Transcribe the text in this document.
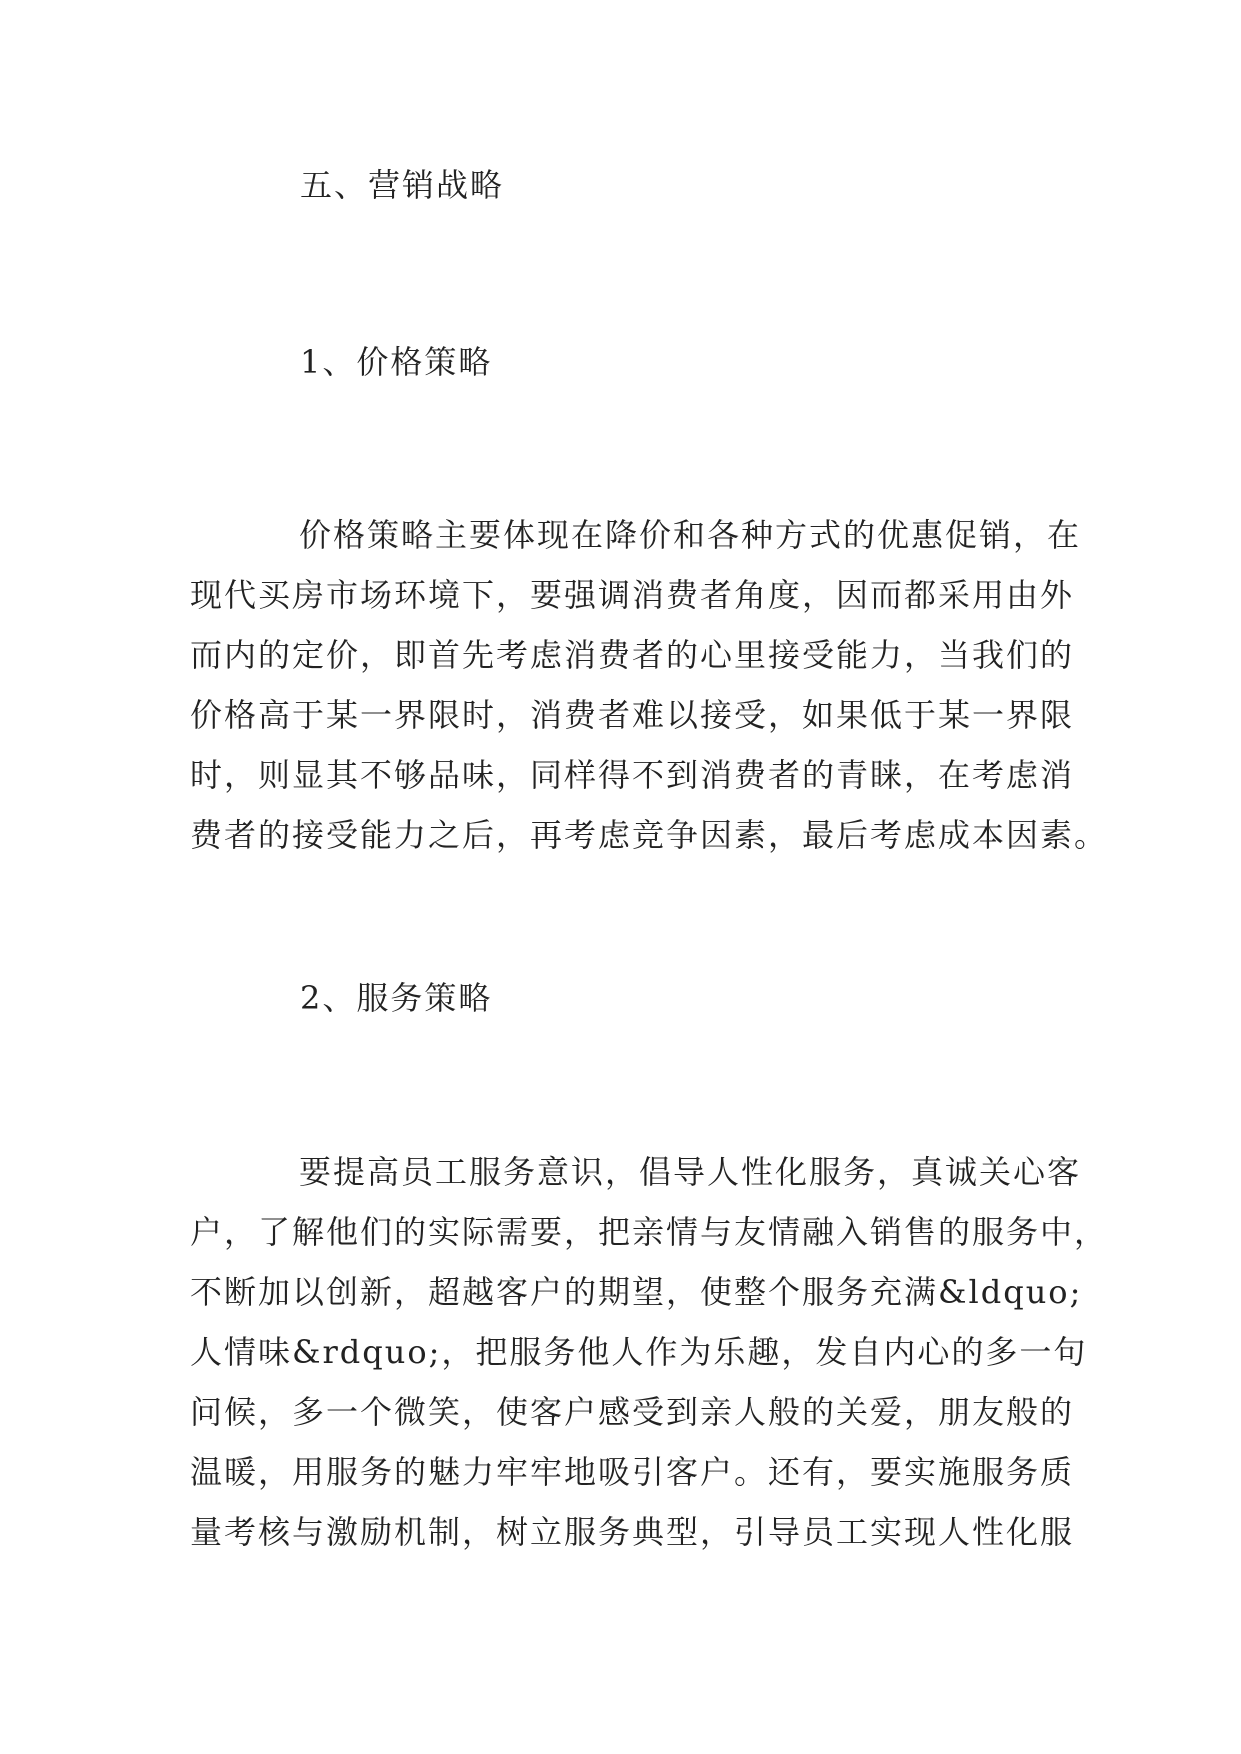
五、营销战略
1、价格策略
价格策略主要体现在降价和各种方式的优惠促销，在
现代买房市场环境下，要强调消费者角度，因而都采用由外
而内的定价，即首先考虑消费者的心里接受能力，当我们的
价格高于某一界限时，消费者难以接受，如果低于某一界限
时，则显其不够品味，同样得不到消费者的青睐，在考虑消
费者的接受能力之后，再考虑竞争因素，最后考虑成本因素。
2、服务策略
要提高员工服务意识，倡导人性化服务，真诚关心客
户，了解他们的实际需要，把亲情与友情融入销售的服务中，
不断加以创新，超越客户的期望，使整个服务充满&ldquo;
人情味&rdquo;，把服务他人作为乐趣，发自内心的多一句
问候，多一个微笑，使客户感受到亲人般的关爱，朋友般的
温暖，用服务的魅力牢牢地吸引客户。还有，要实施服务质
量考核与激励机制，树立服务典型，引导员工实现人性化服
